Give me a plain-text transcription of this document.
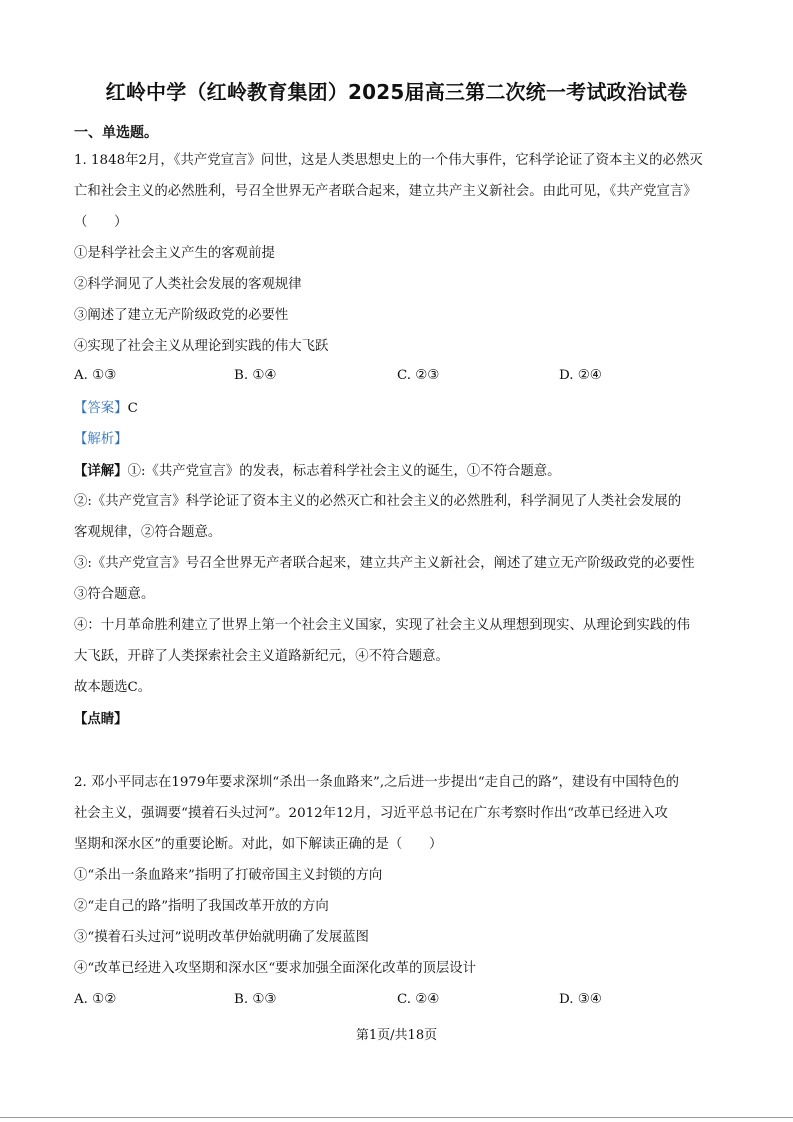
红岭中学（红岭教育集团）2025届高三第二次统一考试政治试卷
一、单选题。
1. 1848年2月，《共产党宣言》问世，这是人类思想史上的一个伟大事件，它科学论证了资本主义的必然灭
亡和社会主义的必然胜利，号召全世界无产者联合起来，建立共产主义新社会。由此可见，《共产党宣言》
（　　）
①是科学社会主义产生的客观前提
②科学洞见了人类社会发展的客观规律
③阐述了建立无产阶级政党的必要性
④实现了社会主义从理论到实践的伟大飞跃
A. ①③	B. ①④	C. ②③	D. ②④
【答案】C
【解析】
【详解】①:《共产党宣言》的发表，标志着科学社会主义的诞生，①不符合题意。
②:《共产党宣言》科学论证了资本主义的必然灭亡和社会主义的必然胜利，科学洞见了人类社会发展的
客观规律，②符合题意。
③:《共产党宣言》号召全世界无产者联合起来，建立共产主义新社会，阐述了建立无产阶级政党的必要性
③符合题意。
④：十月革命胜利建立了世界上第一个社会主义国家，实现了社会主义从理想到现实、从理论到实践的伟
大飞跃，开辟了人类探索社会主义道路新纪元，④不符合题意。
故本题选C。
【点睛】
2. 邓小平同志在1979年要求深圳“杀出一条血路来”,之后进一步提出“走自己的路”，建设有中国特色的
社会主义，强调要“摸着石头过河”。2012年12月，习近平总书记在广东考察时作出“改革已经进入攻
坚期和深水区”的重要论断。对此，如下解读正确的是（　　）
①“杀出一条血路来”指明了打破帝国主义封锁的方向
②“走自己的路”指明了我国改革开放的方向
③“摸着石头过河”说明改革伊始就明确了发展蓝图
④“改革已经进入攻坚期和深水区“要求加强全面深化改革的顶层设计
A. ①②	B. ①③	C. ②④	D. ③④
第1页/共18页
